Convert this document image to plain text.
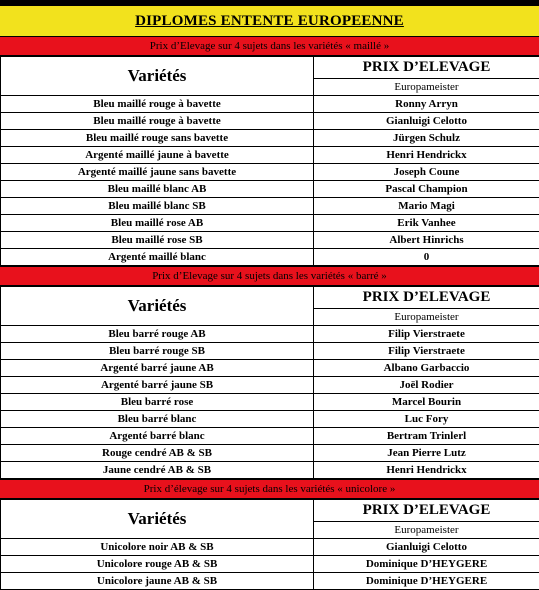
DIPLOMES ENTENTE EUROPEENNE
Prix d’Elevage sur 4 sujets dans les variétés « maillé »
Variétés	PRIX D’ELEVAGE
	Europameister
Bleu maillé rouge à bavette	Ronny Arryn
Bleu maillé rouge à bavette	Gianluigi Celotto
Bleu maillé rouge sans bavette	Jürgen Schulz
Argenté maillé jaune à bavette	Henri Hendrickx
Argenté maillé jaune sans bavette	Joseph Coune
Bleu maillé blanc AB	Pascal Champion
Bleu maillé blanc SB	Mario Magi
Bleu maillé rose AB	Erik Vanhee
Bleu maillé rose SB	Albert Hinrichs
Argenté maillé blanc	0
Prix d’Elevage sur 4 sujets dans les variétés « barré »
Variétés	PRIX D’ELEVAGE
	Europameister
Bleu barré rouge AB	Filip Vierstraete
Bleu barré rouge SB	Filip Vierstraete
Argenté barré jaune AB	Albano Garbaccio
Argenté barré jaune SB	Joël Rodier
Bleu barré rose	Marcel Bourin
Bleu barré blanc	Luc Fory
Argenté barré blanc	Bertram Trinlerl
Rouge cendré AB & SB	Jean Pierre Lutz
Jaune cendré AB & SB	Henri Hendrickx
Prix d’élevage sur 4 sujets dans les variétés « unicolore »
Variétés	PRIX D’ELEVAGE
	Europameister
Unicolore noir AB & SB	Gianluigi Celotto
Unicolore rouge AB & SB	Dominique D’HEYGERE
Unicolore jaune AB & SB	Dominique D’HEYGERE
